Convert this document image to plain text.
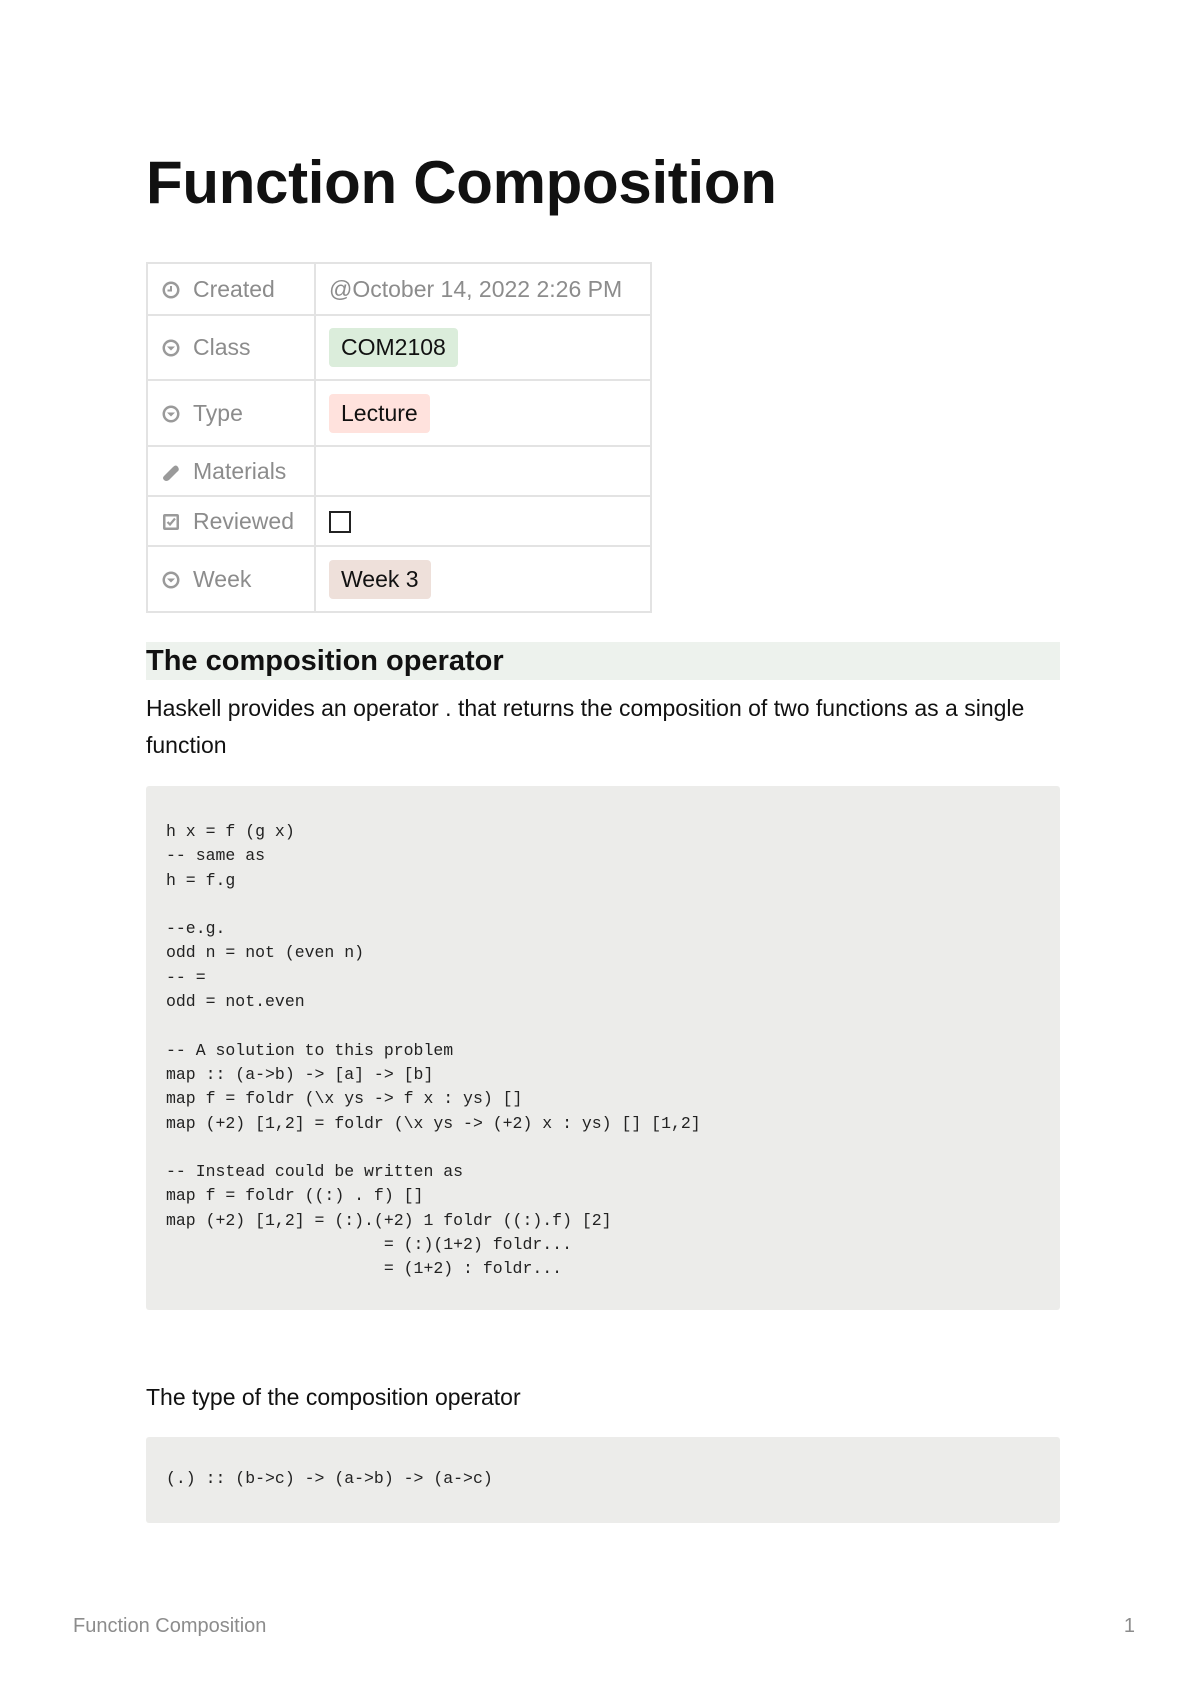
Function Composition
Created	@October 14, 2022 2:26 PM
Class	COM2108
Type	Lecture
Materials	
Reviewed	
Week	Week 3
The composition operator

Haskell provides an operator . that returns the composition of two functions as a single function

h x = f (g x)
-- same as
h = f.g

--e.g.
odd n = not (even n)
-- =
odd = not.even

-- A solution to this problem
map :: (a->b) -> [a] -> [b]
map f = foldr (\x ys -> f x : ys) []
map (+2) [1,2] = foldr (\x ys -> (+2) x : ys) [] [1,2]

-- Instead could be written as
map f = foldr ((:) . f) []
map (+2) [1,2] = (:).(+2) 1 foldr ((:).f) [2]
= (:)(1+2) foldr...
= (1+2) : foldr...

The type of the composition operator

(.) :: (b->c) -> (a->b) -> (a->c)
Function Composition	1
